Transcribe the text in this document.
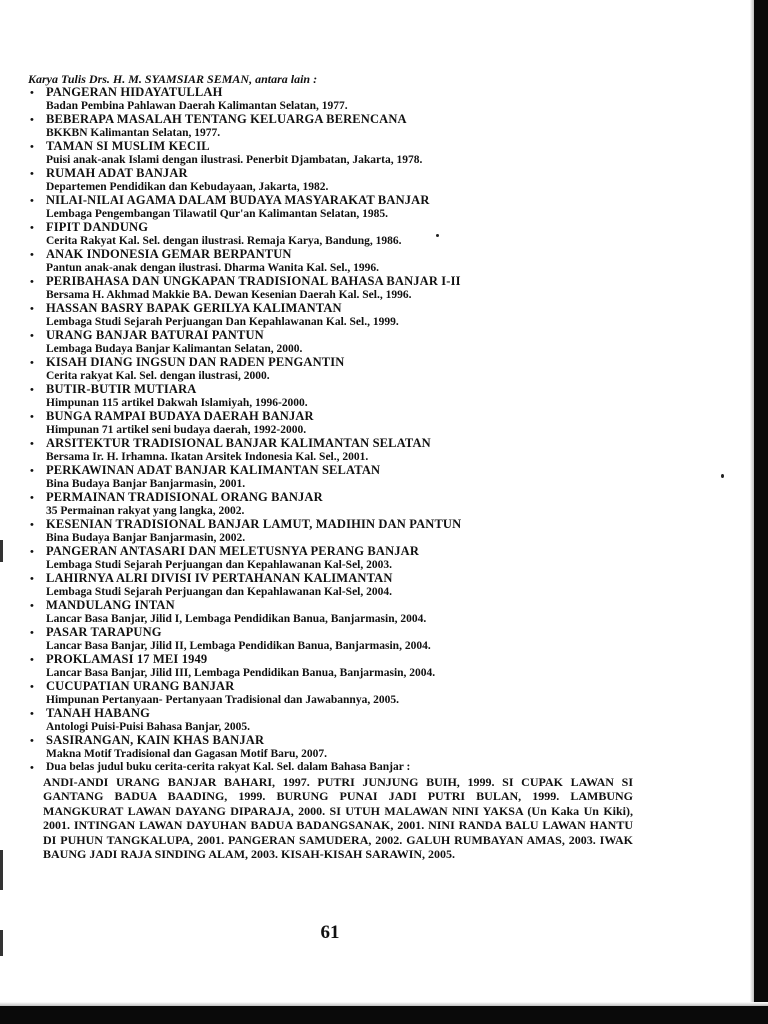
Karya Tulis Drs. H. M. SYAMSIAR SEMAN, antara lain :
• PANGERAN HIDAYATULLAH
Badan Pembina Pahlawan Daerah Kalimantan Selatan, 1977.
• BEBERAPA MASALAH TENTANG KELUARGA BERENCANA
BKKBN Kalimantan Selatan, 1977.
• TAMAN SI MUSLIM KECIL
Puisi anak-anak Islami dengan ilustrasi. Penerbit Djambatan, Jakarta, 1978.
• RUMAH ADAT BANJAR
Departemen Pendidikan dan Kebudayaan, Jakarta, 1982.
• NILAI-NILAI AGAMA DALAM BUDAYA MASYARAKAT BANJAR
Lembaga Pengembangan Tilawatil Qur'an Kalimantan Selatan, 1985.
• FIPIT DANDUNG
Cerita Rakyat Kal. Sel. dengan ilustrasi. Remaja Karya, Bandung, 1986.
• ANAK INDONESIA GEMAR BERPANTUN
Pantun anak-anak dengan ilustrasi. Dharma Wanita Kal. Sel., 1996.
• PERIBAHASA DAN UNGKAPAN TRADISIONAL BAHASA BANJAR I-II
Bersama H. Akhmad Makkie BA. Dewan Kesenian Daerah Kal. Sel., 1996.
• HASSAN BASRY BAPAK GERILYA KALIMANTAN
Lembaga Studi Sejarah Perjuangan Dan Kepahlawanan Kal. Sel., 1999.
• URANG BANJAR BATURAI PANTUN
Lembaga Budaya Banjar Kalimantan Selatan, 2000.
• KISAH DIANG INGSUN DAN RADEN PENGANTIN
Cerita rakyat Kal. Sel. dengan ilustrasi, 2000.
• BUTIR-BUTIR MUTIARA
Himpunan 115 artikel Dakwah Islamiyah, 1996-2000.
• BUNGA RAMPAI BUDAYA DAERAH BANJAR
Himpunan 71 artikel seni budaya daerah, 1992-2000.
• ARSITEKTUR TRADISIONAL BANJAR KALIMANTAN SELATAN
Bersama Ir. H. Irhamna. Ikatan Arsitek Indonesia Kal. Sel., 2001.
• PERKAWINAN ADAT BANJAR KALIMANTAN SELATAN
Bina Budaya Banjar Banjarmasin, 2001.
• PERMAINAN TRADISIONAL ORANG BANJAR
35 Permainan rakyat yang langka, 2002.
• KESENIAN TRADISIONAL BANJAR LAMUT, MADIHIN DAN PANTUN
Bina Budaya Banjar Banjarmasin, 2002.
• PANGERAN ANTASARI DAN MELETUSNYA PERANG BANJAR
Lembaga Studi Sejarah Perjuangan dan Kepahlawanan Kal-Sel, 2003.
• LAHIRNYA ALRI DIVISI IV PERTAHANAN KALIMANTAN
Lembaga Studi Sejarah Perjuangan dan Kepahlawanan Kal-Sel, 2004.
• MANDULANG INTAN
Lancar Basa Banjar, Jilid I, Lembaga Pendidikan Banua, Banjarmasin, 2004.
• PASAR TARAPUNG
Lancar Basa Banjar, Jilid II, Lembaga Pendidikan Banua, Banjarmasin, 2004.
• PROKLAMASI 17 MEI 1949
Lancar Basa Banjar, Jilid III, Lembaga Pendidikan Banua, Banjarmasin, 2004.
• CUCUPATIAN URANG BANJAR
Himpunan Pertanyaan- Pertanyaan Tradisional dan Jawabannya, 2005.
• TANAH HABANG
Antologi Puisi-Puisi Bahasa Banjar, 2005.
• SASIRANGAN, KAIN KHAS BANJAR
Makna Motif Tradisional dan Gagasan Motif Baru, 2007.
• Dua belas judul buku cerita-cerita rakyat Kal. Sel. dalam Bahasa Banjar :
ANDI-ANDI URANG BANJAR BAHARI, 1997. PUTRI JUNJUNG BUIH, 1999. SI CUPAK LAWAN SI GANTANG BADUA BAADING, 1999. BURUNG PUNAI JADI PUTRI BULAN, 1999. LAMBUNG MANGKURAT LAWAN DAYANG DIPARAJA, 2000. SI UTUH MALAWAN NINI YAKSA (Un Kaka Un Kiki), 2001. INTINGAN LAWAN DAYUHAN BADUA BADANGSANAK, 2001. NINI RANDA BALU LAWAN HANTU DI PUHUN TANGKALUPA, 2001. PANGERAN SAMUDERA, 2002. GALUH RUMBAYAN AMAS, 2003. IWAK BAUNG JADI RAJA SINDING ALAM, 2003. KISAH-KISAH SARAWIN, 2005.
61
